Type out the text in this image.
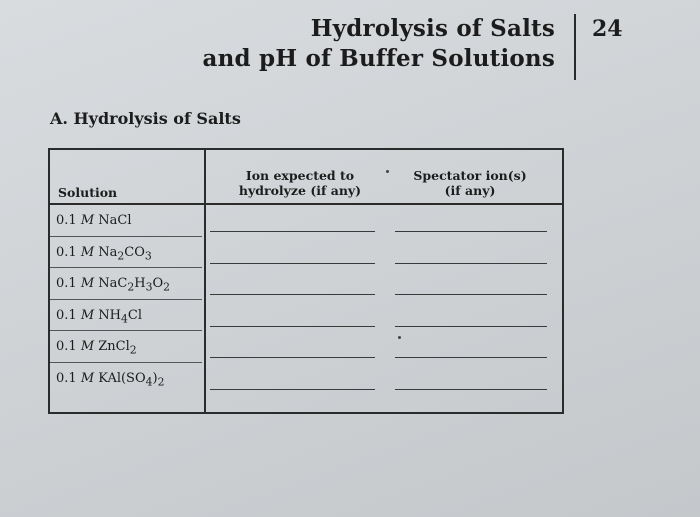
Hydrolysis of Salts
and pH of Buffer Solutions
24
A. Hydrolysis of Salts
Solution
Ion expected to
hydrolyze (if any)
Spectator ion(s)
(if any)
0.1 M NaCl
0.1 M $Na_2CO_3$
0.1 M $NaC_2H_3O_2$
0.1 M $NH_4Cl$
0.1 M ZnCl$_2$
0.1 M $KAl(SO_4)_2$
